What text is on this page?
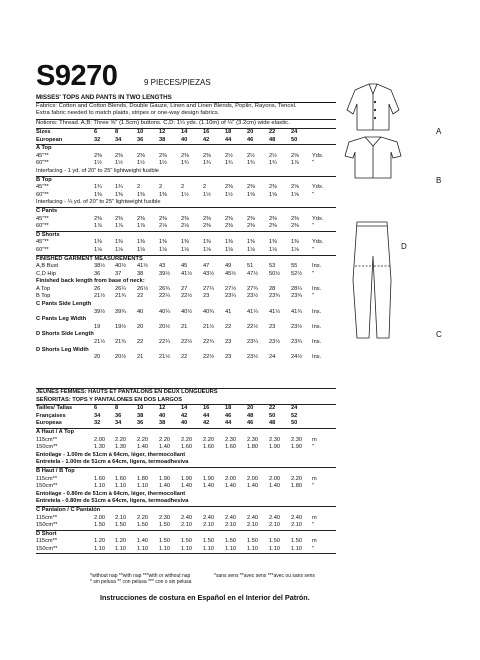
S9270	9 PIECES/PIEZAS
MISSES' TOPS AND PANTS IN TWO LENGTHS
Fabrics: Cotton and Cotton Blends, Double Gauze, Linen and Linen Blends, Poplin, Rayons, Tencel.
Extra fabric needed to match plaids, stripes or one-way design fabrics.
Notions: Thread. A,B: Three ⅝" (1.5cm) buttons. C,D: 1¼ yds. (1.10m) of ¼" (3.2cm) wide elastic.
Sizes	6	8	10	12	14	16	18	20	22	24
European	32	34	36	38	40	42	44	46	48	50
A Top
45"**	2⅜ 2⅜ 2⅜ 2⅜ 2⅜ 2⅜ 2½ 2½ 2½ 2⅝ Yds.
60"**	1½ 1½ 1½ 1½ 1¾ 1¾ 1¾ 1¾ 1¾ 1⅞ "
Interfacing - 1 yd. of 20" to 25" lightweight fusible
B Top
45"**	1¾ 1¾ 2	2	2	2	2⅜ 2⅜ 2⅜ 2⅝ Yds.
60"**	1⅜ 1⅜ 1⅜ 1⅜ 1½ 1½ 1½ 1⅝ 1⅝ 1⅝ "
Interfacing - ¼ yd. of 20" to 25" lightweight fusible
C Pants
45"**	2⅜ 2⅜ 2⅜ 2⅜ 2⅜ 2⅜ 2⅜ 2⅜ 2⅜ 2⅜ Yds.
60"**	1⅞ 1⅞ 1⅞ 2⅛ 2⅛ 2⅜ 2⅜ 2⅜ 2⅜ 2⅜ "
D Shorts
45"**	1⅜ 1⅜ 1⅜ 1⅜ 1⅜ 1⅜ 1⅜ 1⅜ 1⅜ 1⅜ Yds.
60"**	1⅛ 1⅛ 1⅛ 1⅛ 1⅛ 1⅛ 1⅛ 1⅛ 1⅛ 1⅛ "
FINISHED GARMENT MEASUREMENTS
A,B Bust	38½ 40½ 41½ 43	45	47	49	51	53	55	Ins.
C,D Hip	36	37	38	39½ 41½ 43½ 45½ 47½ 50½ 52½ "
Finished back length from base of neck:
A Top	26	26¼ 26½ 26¾ 27	27¼ 27½ 27¾ 28	28¼ Ins.
B Top	21½ 21¾ 22	22¼ 22½ 23	23¼ 23½ 23¾ 23¾ "
C Pants Side Length
39½ 39¾ 40	40¼ 40½ 40¾ 41	41¼ 41½ 41¾ Ins.
C Pants Leg Width
19	19½ 20	20½ 21	21½ 22	22½ 23	23½ Ins.
D Shorts Side Length
21½ 21¾ 22	22¼ 22½ 22¾ 23	23¼ 23½ 23¾ Ins.
D Shorts Leg Width
20	20½ 21	21½ 22	22½ 23	23½ 24	24½ Ins.
JEUNES FEMMES: HAUTS ET PANTALONS EN DEUX LONGUEURS
SEÑORITAS: TOPS Y PANTALONES EN DOS LARGOS
Tailles/ Tallas	6	8	10	12	14	16	18	20	22	24
Françaises	34	36	38	40	42	44	46	48	50	52
Europeas	32	34	36	38	40	42	44	46	48	50
A Haut / A Top
115cm**	2.00 2.20 2.20 2.20 2.20 2.20 2.30 2.30 2.30 2.30 m
150cm**	1.30 1.30 1.40 1.40 1.60 1.60 1.60 1.80 1.90 1.90 "
Entoilage - 1.00m de 51cm à 64cm, léger, thermocollant
Entretela - 1.00m de 51cm a 64cm, ligera, termoadhesiva
B Haut / B Top
115cm**	1.60 1.60 1.80 1.90 1.90 1.90 2.00 2.00 2.00 2.20 m
150cm**	1.10 1.10 1.10 1.40 1.40 1.40 1.40 1.40 1.40 1.80 "
Entoilage - 0.80m de 51cm à 64cm, léger, thermocollant
Entretela - 0.80m de 51cm a 64cm, ligera, termoadhesiva
C Pantalon / C Pantalón
115cm**	2.00 2.10 2.20 2.30 2.40 2.40 2.40 2.40 2.40 2.40 m
150cm**	1.50 1.50 1.50 1.50 2.10 2.10 2.10 2.10 2.10 2.10 "
D Short
115cm**	1.20 1.20 1.40 1.50 1.50 1.50 1.50 1.50 1.50 1.50 m
150cm**	1.10 1.10 1.10 1.10 1.10 1.10 1.10 1.10 1.10 1.10 "
A
B
D
C
*without nap **with nap ***with or without nap
* sin pelusa ** con pelusa *** con o sin pelusa
*sans sens **avec sens ***avec ou sans sens
Instrucciones de costura en Español en el Interior del Patrón.
